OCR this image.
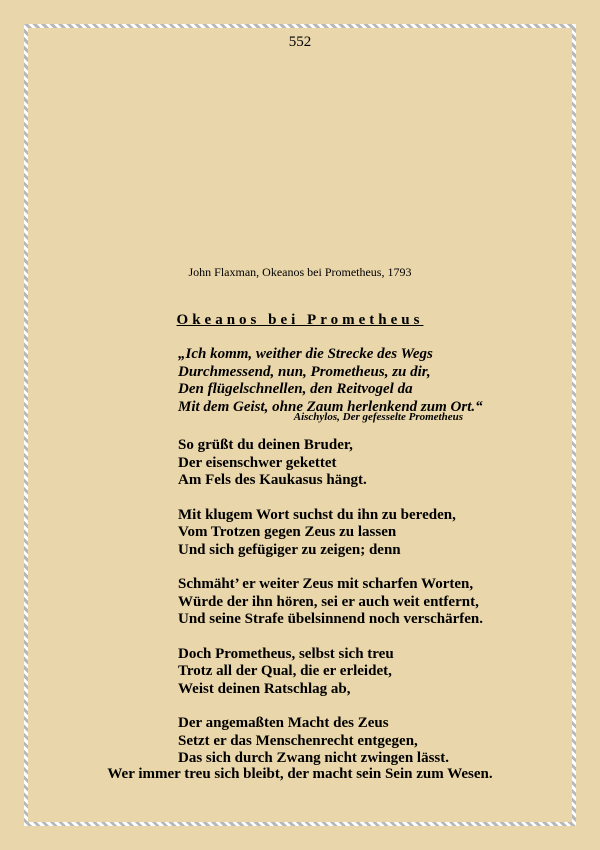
552
John Flaxman, Okeanos bei Prometheus, 1793
Okeanos bei Prometheus
„Ich komm, weither die Strecke des Wegs
Durchmessend, nun, Prometheus, zu dir,
Den flügelschnellen, den Reitvogel da
Mit dem Geist, ohne Zaum herlenkend zum Ort.“
Aischylos, Der gefesselte Prometheus
So grüßt du deinen Bruder,
Der eisenschwer gekettet
Am Fels des Kaukasus hängt.
Mit klugem Wort suchst du ihn zu bereden,
Vom Trotzen gegen Zeus zu lassen
Und sich gefügiger zu zeigen; denn
Schmäht’ er weiter Zeus mit scharfen Worten,
Würde der ihn hören, sei er auch weit entfernt,
Und seine Strafe übelsinnend noch verschärfen.
Doch Prometheus, selbst sich treu
Trotz all der Qual, die er erleidet,
Weist deinen Ratschlag ab,
Der angemaßten Macht des Zeus
Setzt er das Menschenrecht entgegen,
Das sich durch Zwang nicht zwingen lässt.
Wer immer treu sich bleibt, der macht sein Sein zum Wesen.
